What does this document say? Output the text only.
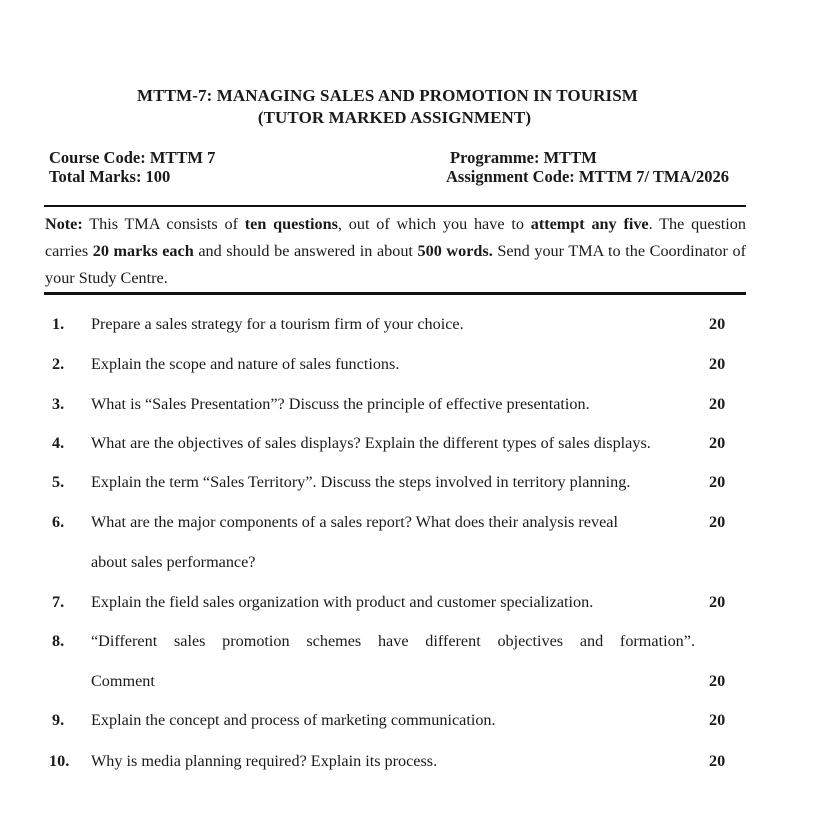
MTTM-7: MANAGING SALES AND PROMOTION IN TOURISM
(TUTOR MARKED ASSIGNMENT)
Course Code: MTTM 7
Total Marks: 100
Programme: MTTM
Assignment Code: MTTM 7/ TMA/2026
Note: This TMA consists of ten questions, out of which you have to attempt any five. The question carries 20 marks each and should be answered in about 500 words. Send your TMA to the Coordinator of your Study Centre.
1. Prepare a sales strategy for a tourism firm of your choice.	20
2. Explain the scope and nature of sales functions.	20
3. What is “Sales Presentation”? Discuss the principle of effective presentation.	20
4. What are the objectives of sales displays? Explain the different types of sales displays.	20
5. Explain the term “Sales Territory”. Discuss the steps involved in territory planning.	20
6. What are the major components of a sales report? What does their analysis reveal	20
about sales performance?
7. Explain the field sales organization with product and customer specialization.	20
8. “Different sales promotion schemes have different objectives and formation”.
Comment	20
9. Explain the concept and process of marketing communication.	20
10. Why is media planning required? Explain its process.	20
